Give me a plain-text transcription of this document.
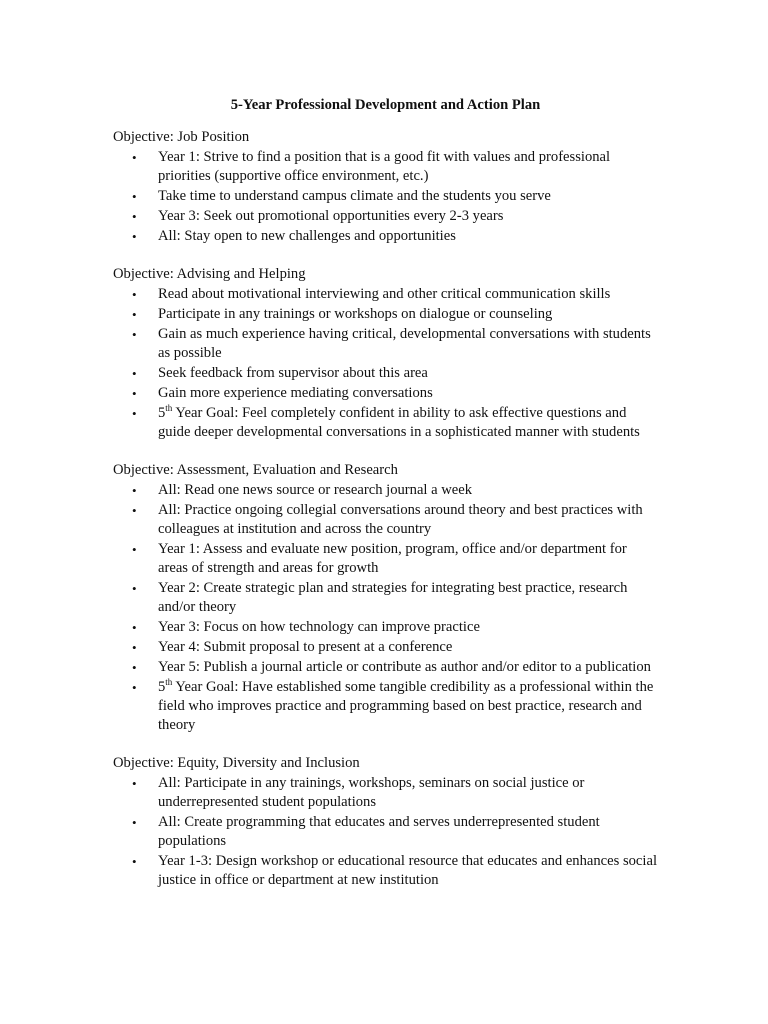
5-Year Professional Development and Action Plan
Objective: Job Position
• Year 1: Strive to find a position that is a good fit with values and professional priorities (supportive office environment, etc.)
• Take time to understand campus climate and the students you serve
• Year 3: Seek out promotional opportunities every 2-3 years
• All: Stay open to new challenges and opportunities
Objective: Advising and Helping
• Read about motivational interviewing and other critical communication skills
• Participate in any trainings or workshops on dialogue or counseling
• Gain as much experience having critical, developmental conversations with students as possible
• Seek feedback from supervisor about this area
• Gain more experience mediating conversations
• 5th Year Goal: Feel completely confident in ability to ask effective questions and guide deeper developmental conversations in a sophisticated manner with students
Objective: Assessment, Evaluation and Research
• All: Read one news source or research journal a week
• All: Practice ongoing collegial conversations around theory and best practices with colleagues at institution and across the country
• Year 1: Assess and evaluate new position, program, office and/or department for areas of strength and areas for growth
• Year 2: Create strategic plan and strategies for integrating best practice, research and/or theory
• Year 3: Focus on how technology can improve practice
• Year 4: Submit proposal to present at a conference
• Year 5: Publish a journal article or contribute as author and/or editor to a publication
• 5th Year Goal: Have established some tangible credibility as a professional within the field who improves practice and programming based on best practice, research and theory
Objective: Equity, Diversity and Inclusion
• All: Participate in any trainings, workshops, seminars on social justice or underrepresented student populations
• All: Create programming that educates and serves underrepresented student populations
• Year 1-3: Design workshop or educational resource that educates and enhances social justice in office or department at new institution
